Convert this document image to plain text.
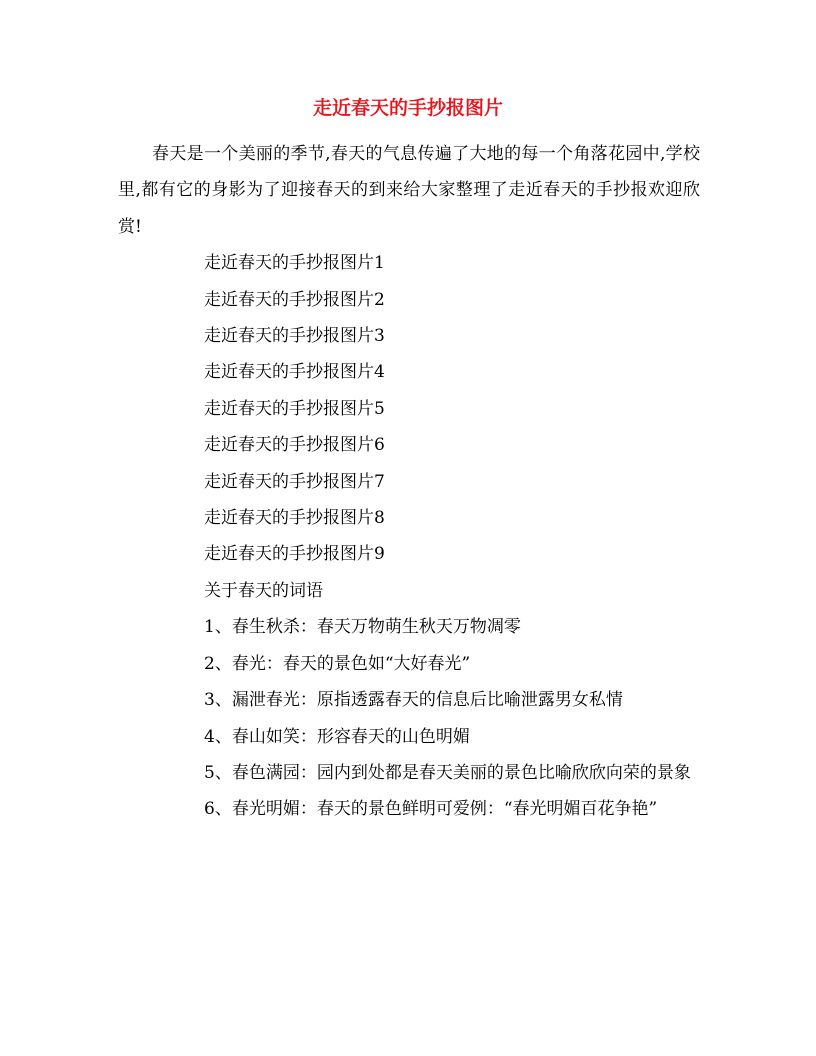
走近春天的手抄报图片

春天是一个美丽的季节,春天的气息传遍了大地的每一个角落花园中,学校里,都有它的身影为了迎接春天的到来给大家整理了走近春天的手抄报欢迎欣赏!

走近春天的手抄报图片1

走近春天的手抄报图片2

走近春天的手抄报图片3

走近春天的手抄报图片4

走近春天的手抄报图片5

走近春天的手抄报图片6

走近春天的手抄报图片7

走近春天的手抄报图片8

走近春天的手抄报图片9

关于春天的词语

1、春生秋杀：春天万物萌生秋天万物凋零

2、春光：春天的景色如“大好春光”

3、漏泄春光：原指透露春天的信息后比喻泄露男女私情

4、春山如笑：形容春天的山色明媚

5、春色满园：园内到处都是春天美丽的景色比喻欣欣向荣的景象

6、春光明媚：春天的景色鲜明可爱例：“春光明媚百花争艳”
